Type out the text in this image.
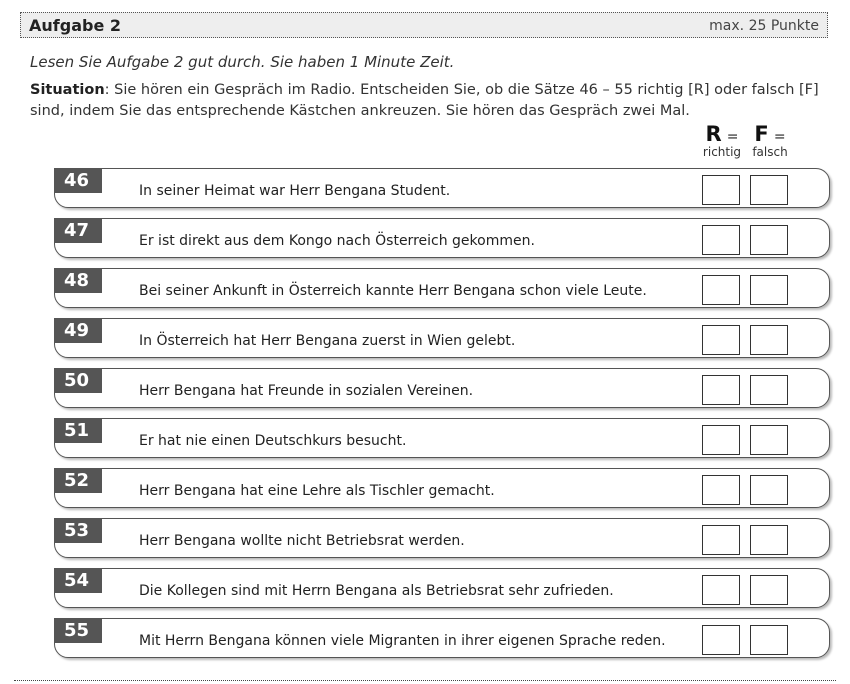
Aufgabe 2	max. 25 Punkte
Lesen Sie Aufgabe 2 gut durch. Sie haben 1 Minute Zeit.
Situation: Sie hören ein Gespräch im Radio. Entscheiden Sie, ob die Sätze 46 – 55 richtig [R] oder falsch [F] sind, indem Sie das entsprechende Kästchen ankreuzen. Sie hören das Gespräch zwei Mal.
R =
richtig
F =
falsch
46	In seiner Heimat war Herr Bengana Student.
47	Er ist direkt aus dem Kongo nach Österreich gekommen.
48	Bei seiner Ankunft in Österreich kannte Herr Bengana schon viele Leute.
49	In Österreich hat Herr Bengana zuerst in Wien gelebt.
50	Herr Bengana hat Freunde in sozialen Vereinen.
51	Er hat nie einen Deutschkurs besucht.
52	Herr Bengana hat eine Lehre als Tischler gemacht.
53	Herr Bengana wollte nicht Betriebsrat werden.
54	Die Kollegen sind mit Herrn Bengana als Betriebsrat sehr zufrieden.
55	Mit Herrn Bengana können viele Migranten in ihrer eigenen Sprache reden.
